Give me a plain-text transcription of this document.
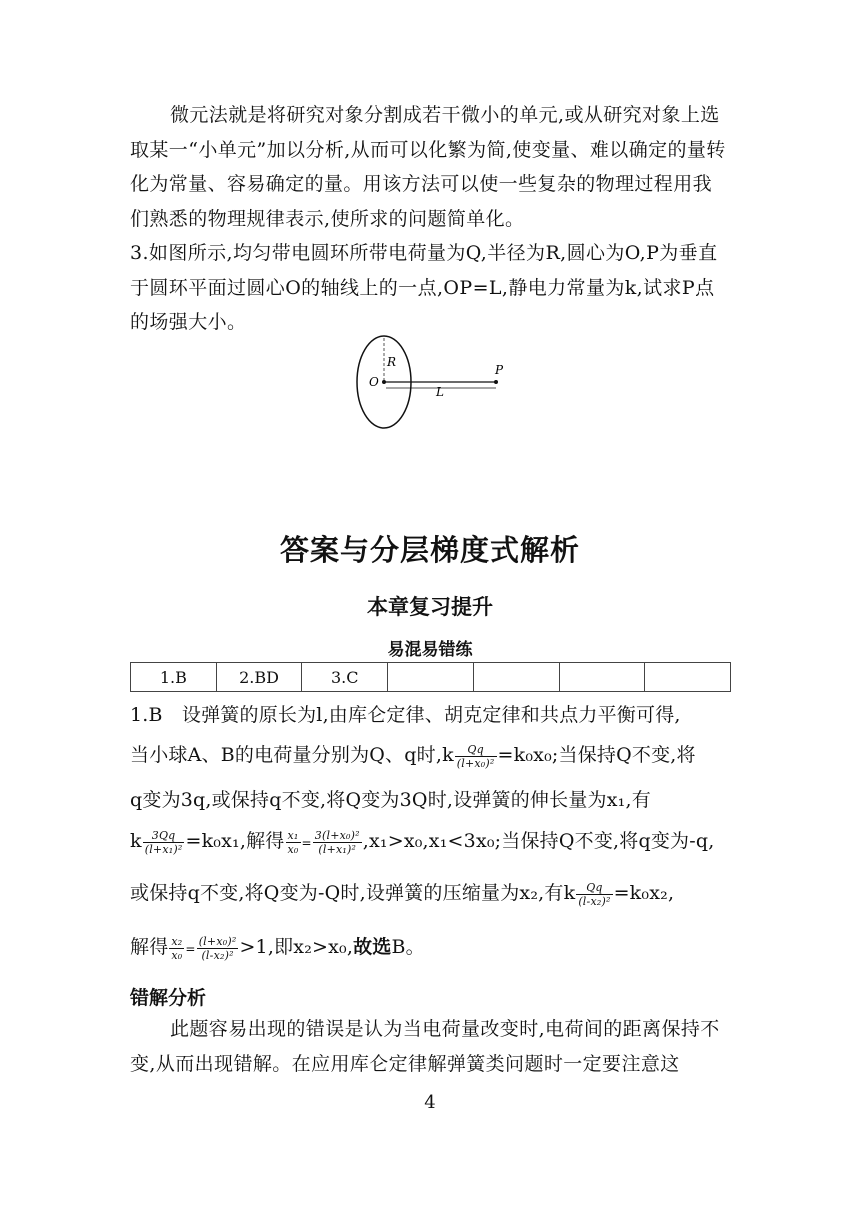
微元法就是将研究对象分割成若干微小的单元,或从研究对象上选取某一“小单元”加以分析,从而可以化繁为简,使变量、难以确定的量转化为常量、容易确定的量。用该方法可以使一些复杂的物理过程用我们熟悉的物理规律表示,使所求的问题简单化。

3.如图所示,均匀带电圆环所带电荷量为Q,半径为R,圆心为O,P为垂直于圆环平面过圆心O的轴线上的一点,OP=L,静电力常量为k,试求P点的场强大小。

R
O
P
L
答案与分层梯度式解析
本章复习提升
易混易错练
1.B	2.BD	3.C				
1.B　设弹簧的原长为l,由库仑定律、胡克定律和共点力平衡可得,
当小球A、B的电荷量分别为Q、q时$,k \frac{Qq}{\text{(l+x₀)²}} =k_0x_0$;当保持Q不变,将
q变为3q,或保持q不变,将Q变为3Q时,设弹簧的伸长量为x₁,有
k $\frac{3Qq}{\text{(l+x₁)²}} =k_0x_1$,解得 $\frac{\text{x₁}}{\text{x₀}} = \frac{\text{3(l+x₀)²}}{\text{(l+x₁)²}} ,x_1>x_0,x_1<3x_0$;当保持Q不变,将q变为-q,
或保持q不变,将Q变为-Q时,设弹簧的压缩量为x₂,有k $\frac{Qq}{\text{(l-x₂)²}} =k_0x_2$,
解得 $\frac{\text{x₂}}{\text{x₀}} = \frac{\text{(l+x₀)²}}{\text{(l-x₂)²}} >1$,即x₂>x₀,故选B。
错解分析

此题容易出现的错误是认为当电荷量改变时,电荷间的距离保持不变,从而出现错解。在应用库仑定律解弹簧类问题时一定要注意这

4
